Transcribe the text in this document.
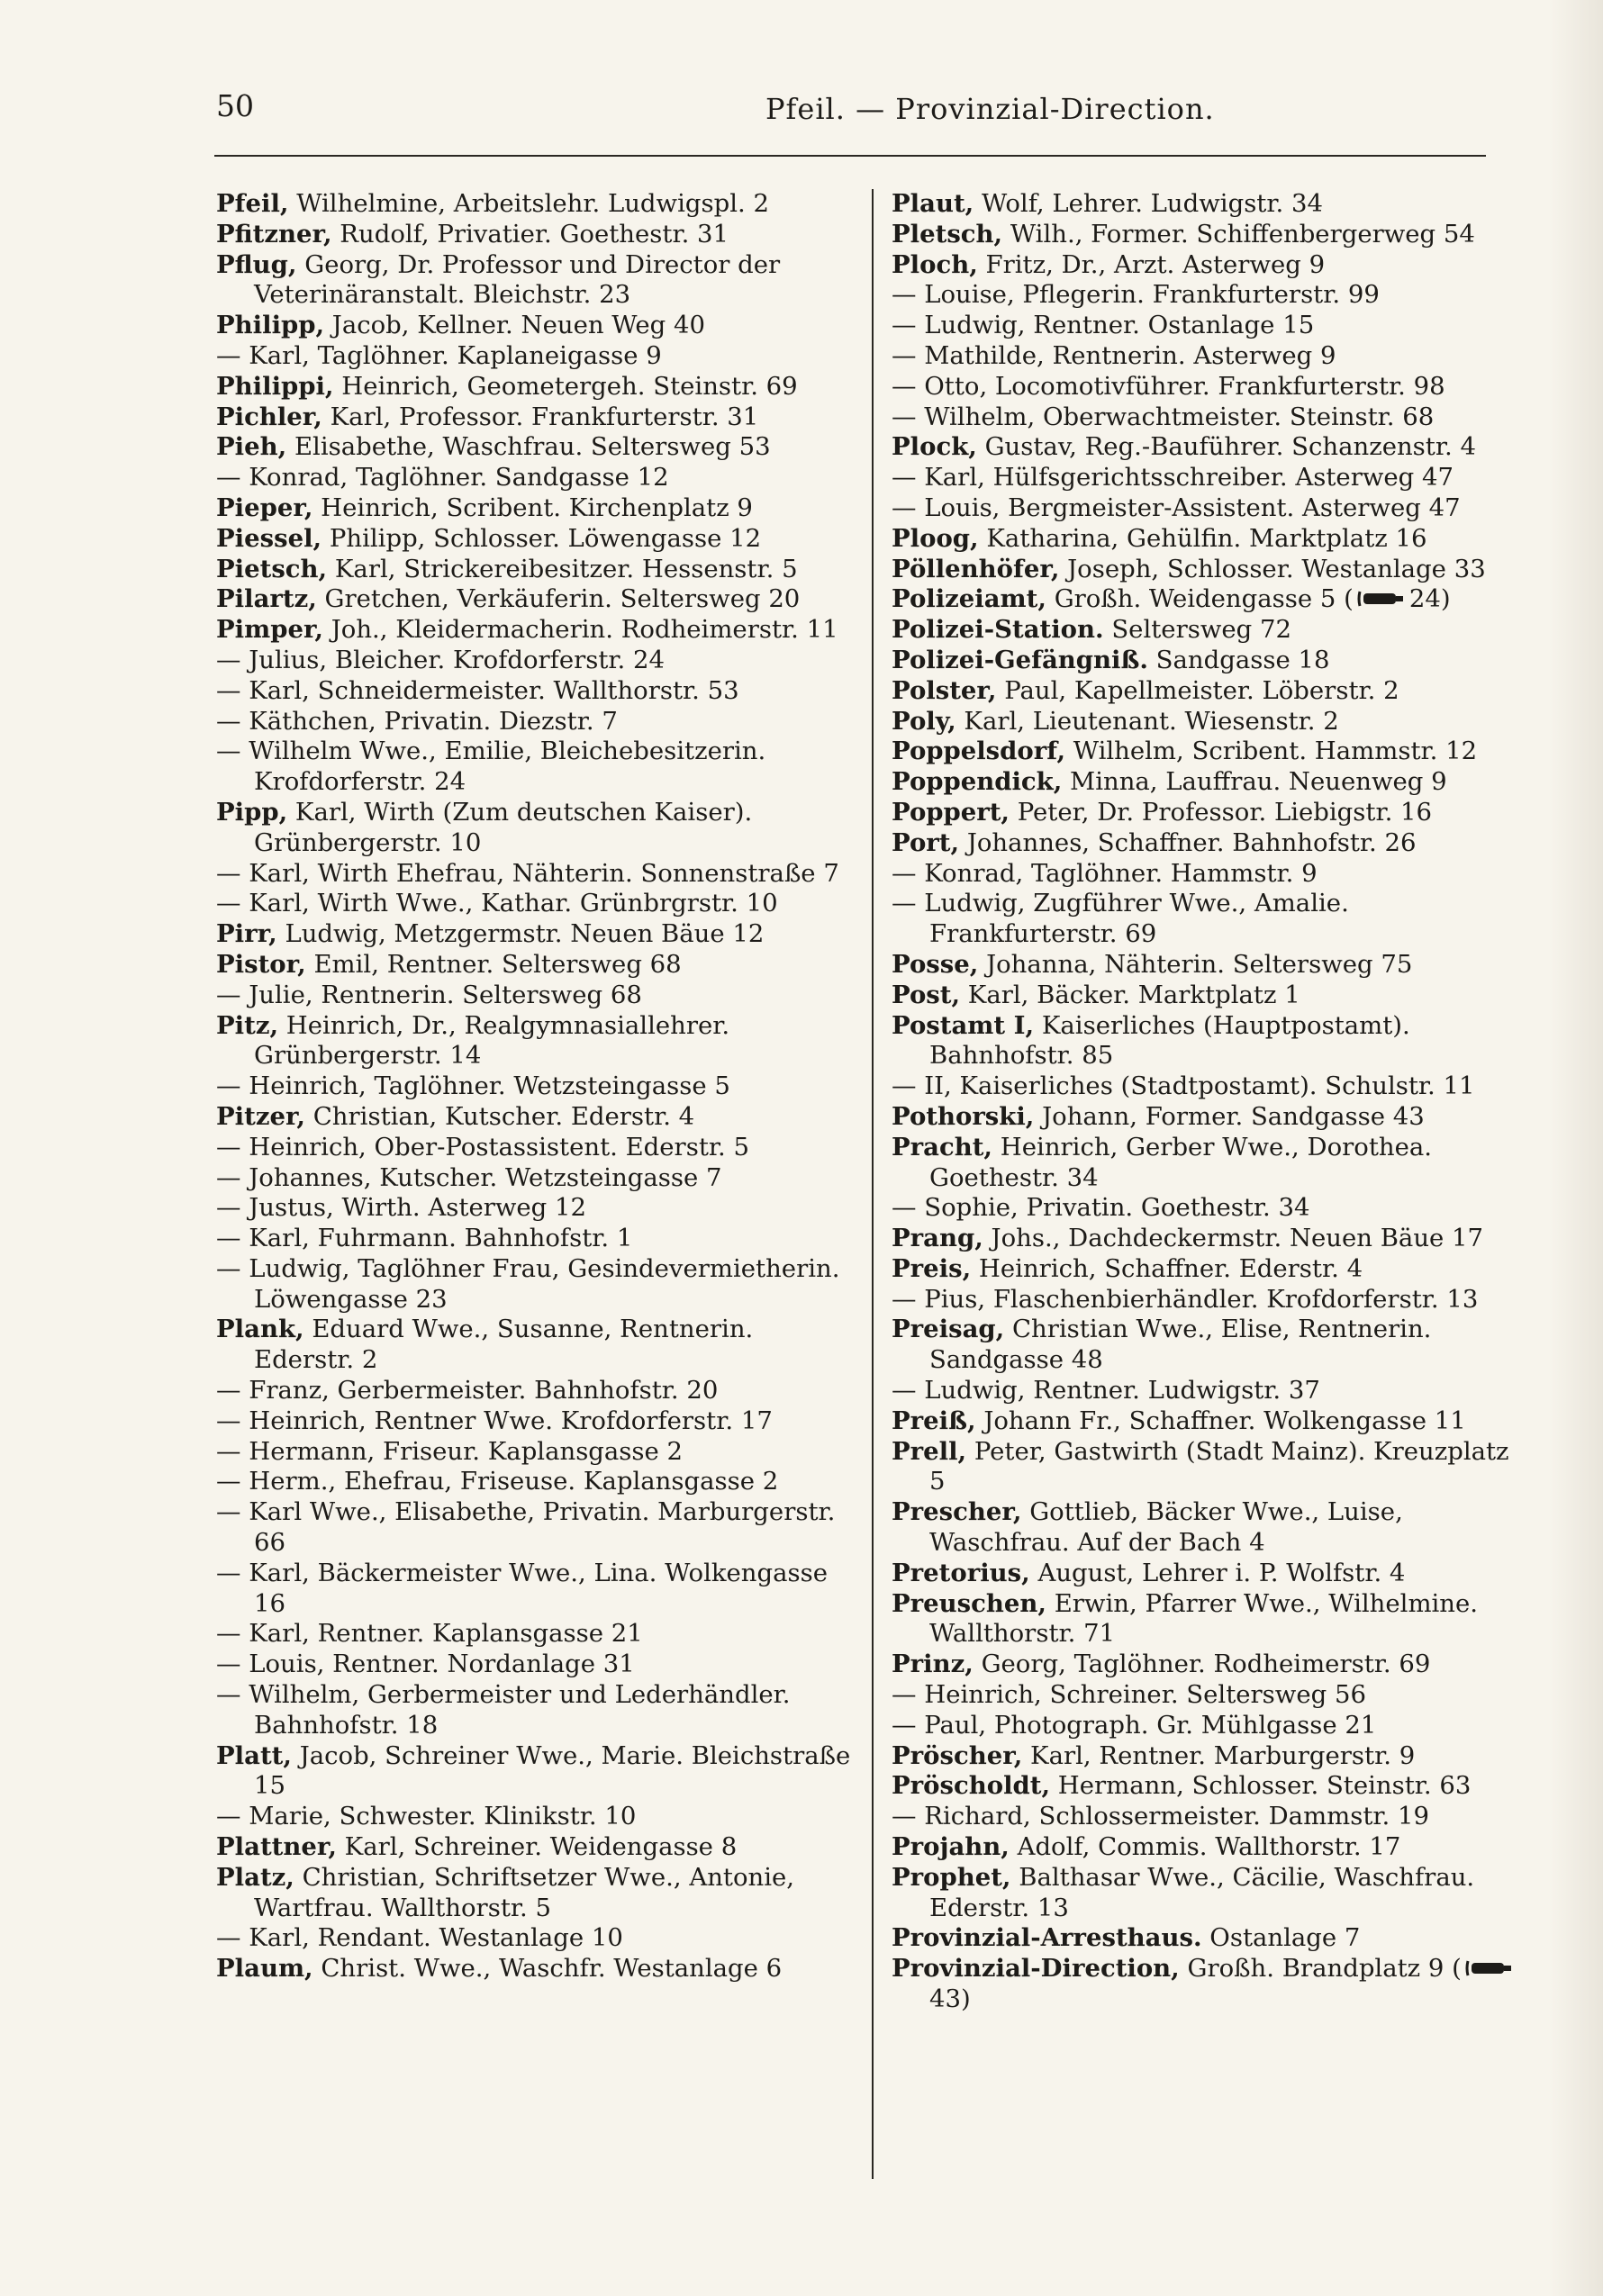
50	Pfeil. — Provinzial-Direction.
Pfeil, Wilhelmine, Arbeitslehr. Ludwigspl. 2
Pfitzner, Rudolf, Privatier. Goethestr. 31
Pflug, Georg, Dr. Professor und Director der Veterinäranstalt. Bleichstr. 23
Philipp, Jacob, Kellner. Neuen Weg 40
— Karl, Taglöhner. Kaplaneigasse 9
Philippi, Heinrich, Geometergeh. Steinstr. 69
Pichler, Karl, Professor. Frankfurterstr. 31
Pieh, Elisabethe, Waschfrau. Seltersweg 53
— Konrad, Taglöhner. Sandgasse 12
Pieper, Heinrich, Scribent. Kirchenplatz 9
Piessel, Philipp, Schlosser. Löwengasse 12
Pietsch, Karl, Strickereibesitzer. Hessenstr. 5
Pilartz, Gretchen, Verkäuferin. Seltersweg 20
Pimper, Joh., Kleidermacherin. Rodheimerstr. 11
— Julius, Bleicher. Krofdorferstr. 24
— Karl, Schneidermeister. Wallthorstr. 53
— Käthchen, Privatin. Diezstr. 7
— Wilhelm Wwe., Emilie, Bleichebesitzerin. Krofdorferstr. 24
Pipp, Karl, Wirth (Zum deutschen Kaiser). Grünbergerstr. 10
— Karl, Wirth Ehefrau, Nähterin. Sonnenstraße 7
— Karl, Wirth Wwe., Kathar. Grünbrgrstr. 10
Pirr, Ludwig, Metzgermstr. Neuen Bäue 12
Pistor, Emil, Rentner. Seltersweg 68
— Julie, Rentnerin. Seltersweg 68
Pitz, Heinrich, Dr., Realgymnasiallehrer. Grünbergerstr. 14
— Heinrich, Taglöhner. Wetzsteingasse 5
Pitzer, Christian, Kutscher. Ederstr. 4
— Heinrich, Ober-Postassistent. Ederstr. 5
— Johannes, Kutscher. Wetzsteingasse 7
— Justus, Wirth. Asterweg 12
— Karl, Fuhrmann. Bahnhofstr. 1
— Ludwig, Taglöhner Frau, Gesindevermietherin. Löwengasse 23
Plank, Eduard Wwe., Susanne, Rentnerin. Ederstr. 2
— Franz, Gerbermeister. Bahnhofstr. 20
— Heinrich, Rentner Wwe. Krofdorferstr. 17
— Hermann, Friseur. Kaplansgasse 2
— Herm., Ehefrau, Friseuse. Kaplansgasse 2
— Karl Wwe., Elisabethe, Privatin. Marburgerstr. 66
— Karl, Bäckermeister Wwe., Lina. Wolkengasse 16
— Karl, Rentner. Kaplansgasse 21
— Louis, Rentner. Nordanlage 31
— Wilhelm, Gerbermeister und Lederhändler. Bahnhofstr. 18
Platt, Jacob, Schreiner Wwe., Marie. Bleichstraße 15
— Marie, Schwester. Klinikstr. 10
Plattner, Karl, Schreiner. Weidengasse 8
Platz, Christian, Schriftsetzer Wwe., Antonie, Wartfrau. Wallthorstr. 5
— Karl, Rendant. Westanlage 10
Plaum, Christ. Wwe., Waschfr. Westanlage 6
Plaut, Wolf, Lehrer. Ludwigstr. 34
Pletsch, Wilh., Former. Schiffenbergerweg 54
Ploch, Fritz, Dr., Arzt. Asterweg 9
— Louise, Pflegerin. Frankfurterstr. 99
— Ludwig, Rentner. Ostanlage 15
— Mathilde, Rentnerin. Asterweg 9
— Otto, Locomotivführer. Frankfurterstr. 98
— Wilhelm, Oberwachtmeister. Steinstr. 68
Plock, Gustav, Reg.-Bauführer. Schanzenstr. 4
— Karl, Hülfsgerichtsschreiber. Asterweg 47
— Louis, Bergmeister-Assistent. Asterweg 47
Ploog, Katharina, Gehülfin. Marktplatz 16
Pöllenhöfer, Joseph, Schlosser. Westanlage 33
Polizeiamt, Großh. Weidengasse 5 ( 24)
Polizei-Station. Seltersweg 72
Polizei-Gefängniß. Sandgasse 18
Polster, Paul, Kapellmeister. Löberstr. 2
Poly, Karl, Lieutenant. Wiesenstr. 2
Poppelsdorf, Wilhelm, Scribent. Hammstr. 12
Poppendick, Minna, Lauffrau. Neuenweg 9
Poppert, Peter, Dr. Professor. Liebigstr. 16
Port, Johannes, Schaffner. Bahnhofstr. 26
— Konrad, Taglöhner. Hammstr. 9
— Ludwig, Zugführer Wwe., Amalie. Frankfurterstr. 69
Posse, Johanna, Nähterin. Seltersweg 75
Post, Karl, Bäcker. Marktplatz 1
Postamt I, Kaiserliches (Hauptpostamt). Bahnhofstr. 85
— II, Kaiserliches (Stadtpostamt). Schulstr. 11
Pothorski, Johann, Former. Sandgasse 43
Pracht, Heinrich, Gerber Wwe., Dorothea. Goethestr. 34
— Sophie, Privatin. Goethestr. 34
Prang, Johs., Dachdeckermstr. Neuen Bäue 17
Preis, Heinrich, Schaffner. Ederstr. 4
— Pius, Flaschenbierhändler. Krofdorferstr. 13
Preisag, Christian Wwe., Elise, Rentnerin. Sandgasse 48
— Ludwig, Rentner. Ludwigstr. 37
Preiß, Johann Fr., Schaffner. Wolkengasse 11
Prell, Peter, Gastwirth (Stadt Mainz). Kreuzplatz 5
Prescher, Gottlieb, Bäcker Wwe., Luise, Waschfrau. Auf der Bach 4
Pretorius, August, Lehrer i. P. Wolfstr. 4
Preuschen, Erwin, Pfarrer Wwe., Wilhelmine. Wallthorstr. 71
Prinz, Georg, Taglöhner. Rodheimerstr. 69
— Heinrich, Schreiner. Seltersweg 56
— Paul, Photograph. Gr. Mühlgasse 21
Pröscher, Karl, Rentner. Marburgerstr. 9
Pröscholdt, Hermann, Schlosser. Steinstr. 63
— Richard, Schlossermeister. Dammstr. 19
Projahn, Adolf, Commis. Wallthorstr. 17
Prophet, Balthasar Wwe., Cäcilie, Waschfrau. Ederstr. 13
Provinzial-Arresthaus. Ostanlage 7
Provinzial-Direction, Großh. Brandplatz 9 (43)
